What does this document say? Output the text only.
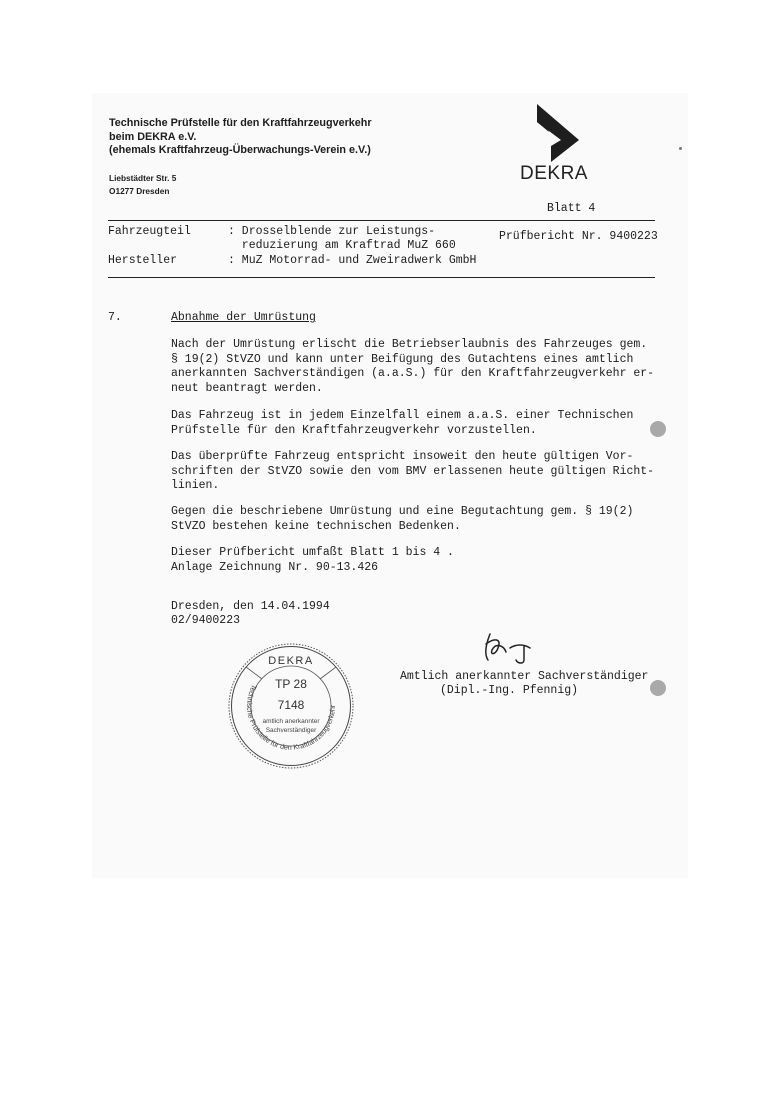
Technische Prüfstelle für den Kraftfahrzeugverkehr
beim DEKRA e.V.
(ehemals Kraftfahrzeug-Überwachungs-Verein e.V.)
Liebstädter Str. 5
O1277 Dresden
DEKRA
Blatt 4
Fahrzeugteil	: Drosselblende zur Leistungs-
reduzierung am Kraftrad MuZ 660
Prüfbericht Nr. 9400223
Hersteller	: MuZ Motorrad- und Zweiradwerk GmbH
7.	Abnahme der Umrüstung
Nach der Umrüstung erlischt die Betriebserlaubnis des Fahrzeuges gem.
§ 19(2) StVZO und kann unter Beifügung des Gutachtens eines amtlich
anerkannten Sachverständigen (a.a.S.) für den Kraftfahrzeugverkehr er-
neut beantragt werden.
Das Fahrzeug ist in jedem Einzelfall einem a.a.S. einer Technischen
Prüfstelle für den Kraftfahrzeugverkehr vorzustellen.
Das überprüfte Fahrzeug entspricht insoweit den heute gültigen Vor-
schriften der StVZO sowie den vom BMV erlassenen heute gültigen Richt-
linien.
Gegen die beschriebene Umrüstung und eine Begutachtung gem. § 19(2)
StVZO bestehen keine technischen Bedenken.
Dieser Prüfbericht umfaßt Blatt 1 bis 4 .
Anlage Zeichnung Nr. 90-13.426
Dresden, den 14.04.1994
02/9400223
DEKRA
TP 28
7148
amtlich anerkannter
Sachverständiger
Technische Prüfstelle für den Kraftfahrzeugverkehr
Amtlich anerkannter Sachverständiger
(Dipl.-Ing. Pfennig)
